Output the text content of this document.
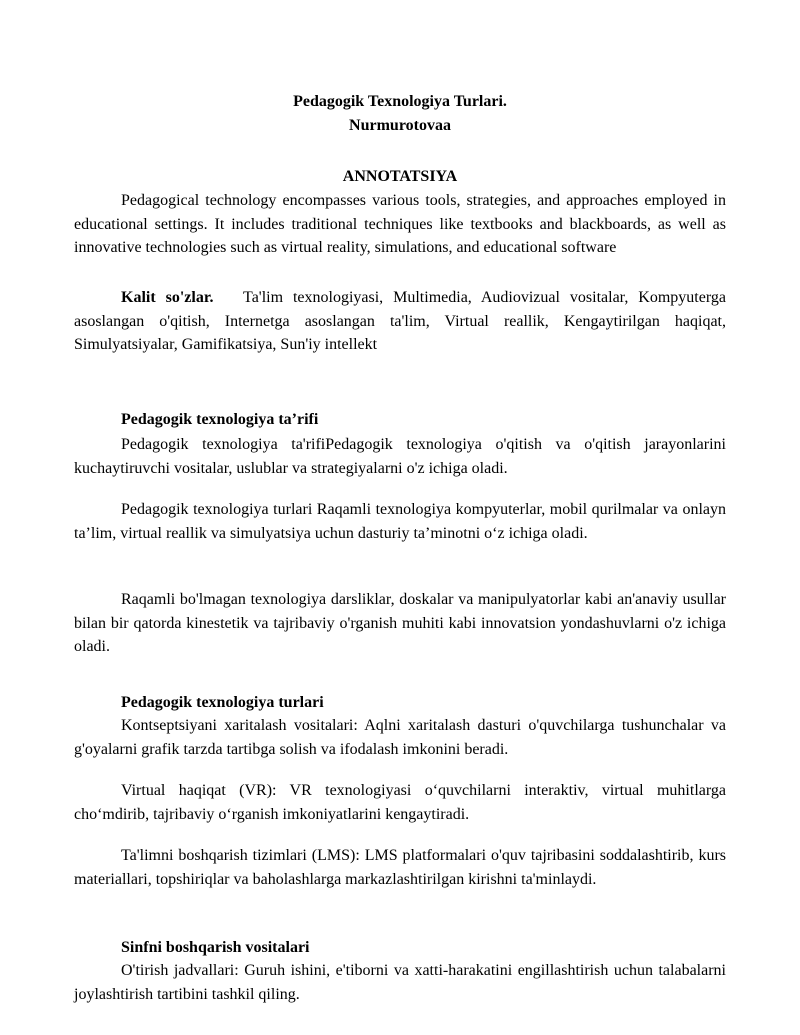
Pedagogik Texnologiya Turlari.
Nurmurotovaa
ANNOTATSIYA

Pedagogical technology encompasses various tools, strategies, and approaches employed in educational settings. It includes traditional techniques like textbooks and blackboards, as well as innovative technologies such as virtual reality, simulations, and educational software

Kalit so'zlar. Ta'lim texnologiyasi, Multimedia, Audiovizual vositalar, Kompyuterga asoslangan o'qitish, Internetga asoslangan ta'lim, Virtual reallik, Kengaytirilgan haqiqat, Simulyatsiyalar, Gamifikatsiya, Sun'iy intellekt

Pedagogik texnologiya ta’rifi

Pedagogik texnologiya ta'rifiPedagogik texnologiya o'qitish va o'qitish jarayonlarini kuchaytiruvchi vositalar, uslublar va strategiyalarni o'z ichiga oladi.

Pedagogik texnologiya turlari Raqamli texnologiya kompyuterlar, mobil qurilmalar va onlayn ta’lim, virtual reallik va simulyatsiya uchun dasturiy ta’minotni o‘z ichiga oladi.

Raqamli bo'lmagan texnologiya darsliklar, doskalar va manipulyatorlar kabi an'anaviy usullar bilan bir qatorda kinestetik va tajribaviy o'rganish muhiti kabi innovatsion yondashuvlarni o'z ichiga oladi.

Pedagogik texnologiya turlari

Kontseptsiyani xaritalash vositalari: Aqlni xaritalash dasturi o'quvchilarga tushunchalar va g'oyalarni grafik tarzda tartibga solish va ifodalash imkonini beradi.

Virtual haqiqat (VR): VR texnologiyasi o‘quvchilarni interaktiv, virtual muhitlarga cho‘mdirib, tajribaviy o‘rganish imkoniyatlarini kengaytiradi.

Ta'limni boshqarish tizimlari (LMS): LMS platformalari o'quv tajribasini soddalashtirib, kurs materiallari, topshiriqlar va baholashlarga markazlashtirilgan kirishni ta'minlaydi.

Sinfni boshqarish vositalari

O'tirish jadvallari: Guruh ishini, e'tiborni va xatti-harakatini engillashtirish uchun talabalarni joylashtirish tartibini tashkil qiling.
